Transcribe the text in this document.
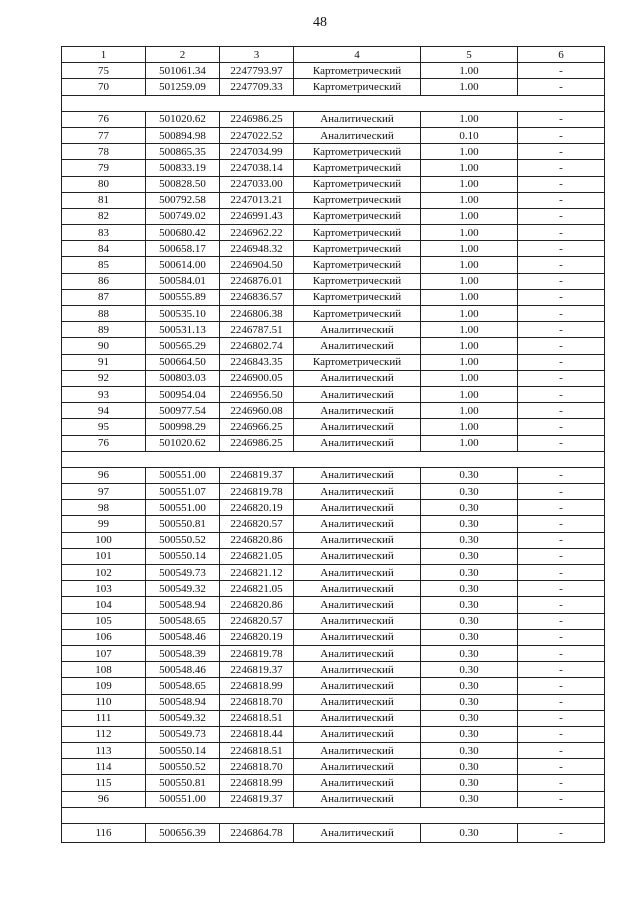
48
1	2	3	4	5	6
75	501061.34	2247793.97	Картометрический	1.00	-
70	501259.09	2247709.33	Картометрический	1.00	-

76	501020.62	2246986.25	Аналитический	1.00	-
77	500894.98	2247022.52	Аналитический	0.10	-
78	500865.35	2247034.99	Картометрический	1.00	-
79	500833.19	2247038.14	Картометрический	1.00	-
80	500828.50	2247033.00	Картометрический	1.00	-
81	500792.58	2247013.21	Картометрический	1.00	-
82	500749.02	2246991.43	Картометрический	1.00	-
83	500680.42	2246962.22	Картометрический	1.00	-
84	500658.17	2246948.32	Картометрический	1.00	-
85	500614.00	2246904.50	Картометрический	1.00	-
86	500584.01	2246876.01	Картометрический	1.00	-
87	500555.89	2246836.57	Картометрический	1.00	-
88	500535.10	2246806.38	Картометрический	1.00	-
89	500531.13	2246787.51	Аналитический	1.00	-
90	500565.29	2246802.74	Аналитический	1.00	-
91	500664.50	2246843.35	Картометрический	1.00	-
92	500803.03	2246900.05	Аналитический	1.00	-
93	500954.04	2246956.50	Аналитический	1.00	-
94	500977.54	2246960.08	Аналитический	1.00	-
95	500998.29	2246966.25	Аналитический	1.00	-
76	501020.62	2246986.25	Аналитический	1.00	-

96	500551.00	2246819.37	Аналитический	0.30	-
97	500551.07	2246819.78	Аналитический	0.30	-
98	500551.00	2246820.19	Аналитический	0.30	-
99	500550.81	2246820.57	Аналитический	0.30	-
100	500550.52	2246820.86	Аналитический	0.30	-
101	500550.14	2246821.05	Аналитический	0.30	-
102	500549.73	2246821.12	Аналитический	0.30	-
103	500549.32	2246821.05	Аналитический	0.30	-
104	500548.94	2246820.86	Аналитический	0.30	-
105	500548.65	2246820.57	Аналитический	0.30	-
106	500548.46	2246820.19	Аналитический	0.30	-
107	500548.39	2246819.78	Аналитический	0.30	-
108	500548.46	2246819.37	Аналитический	0.30	-
109	500548.65	2246818.99	Аналитический	0.30	-
110	500548.94	2246818.70	Аналитический	0.30	-
111	500549.32	2246818.51	Аналитический	0.30	-
112	500549.73	2246818.44	Аналитический	0.30	-
113	500550.14	2246818.51	Аналитический	0.30	-
114	500550.52	2246818.70	Аналитический	0.30	-
115	500550.81	2246818.99	Аналитический	0.30	-
96	500551.00	2246819.37	Аналитический	0.30	-

116	500656.39	2246864.78	Аналитический	0.30	-
